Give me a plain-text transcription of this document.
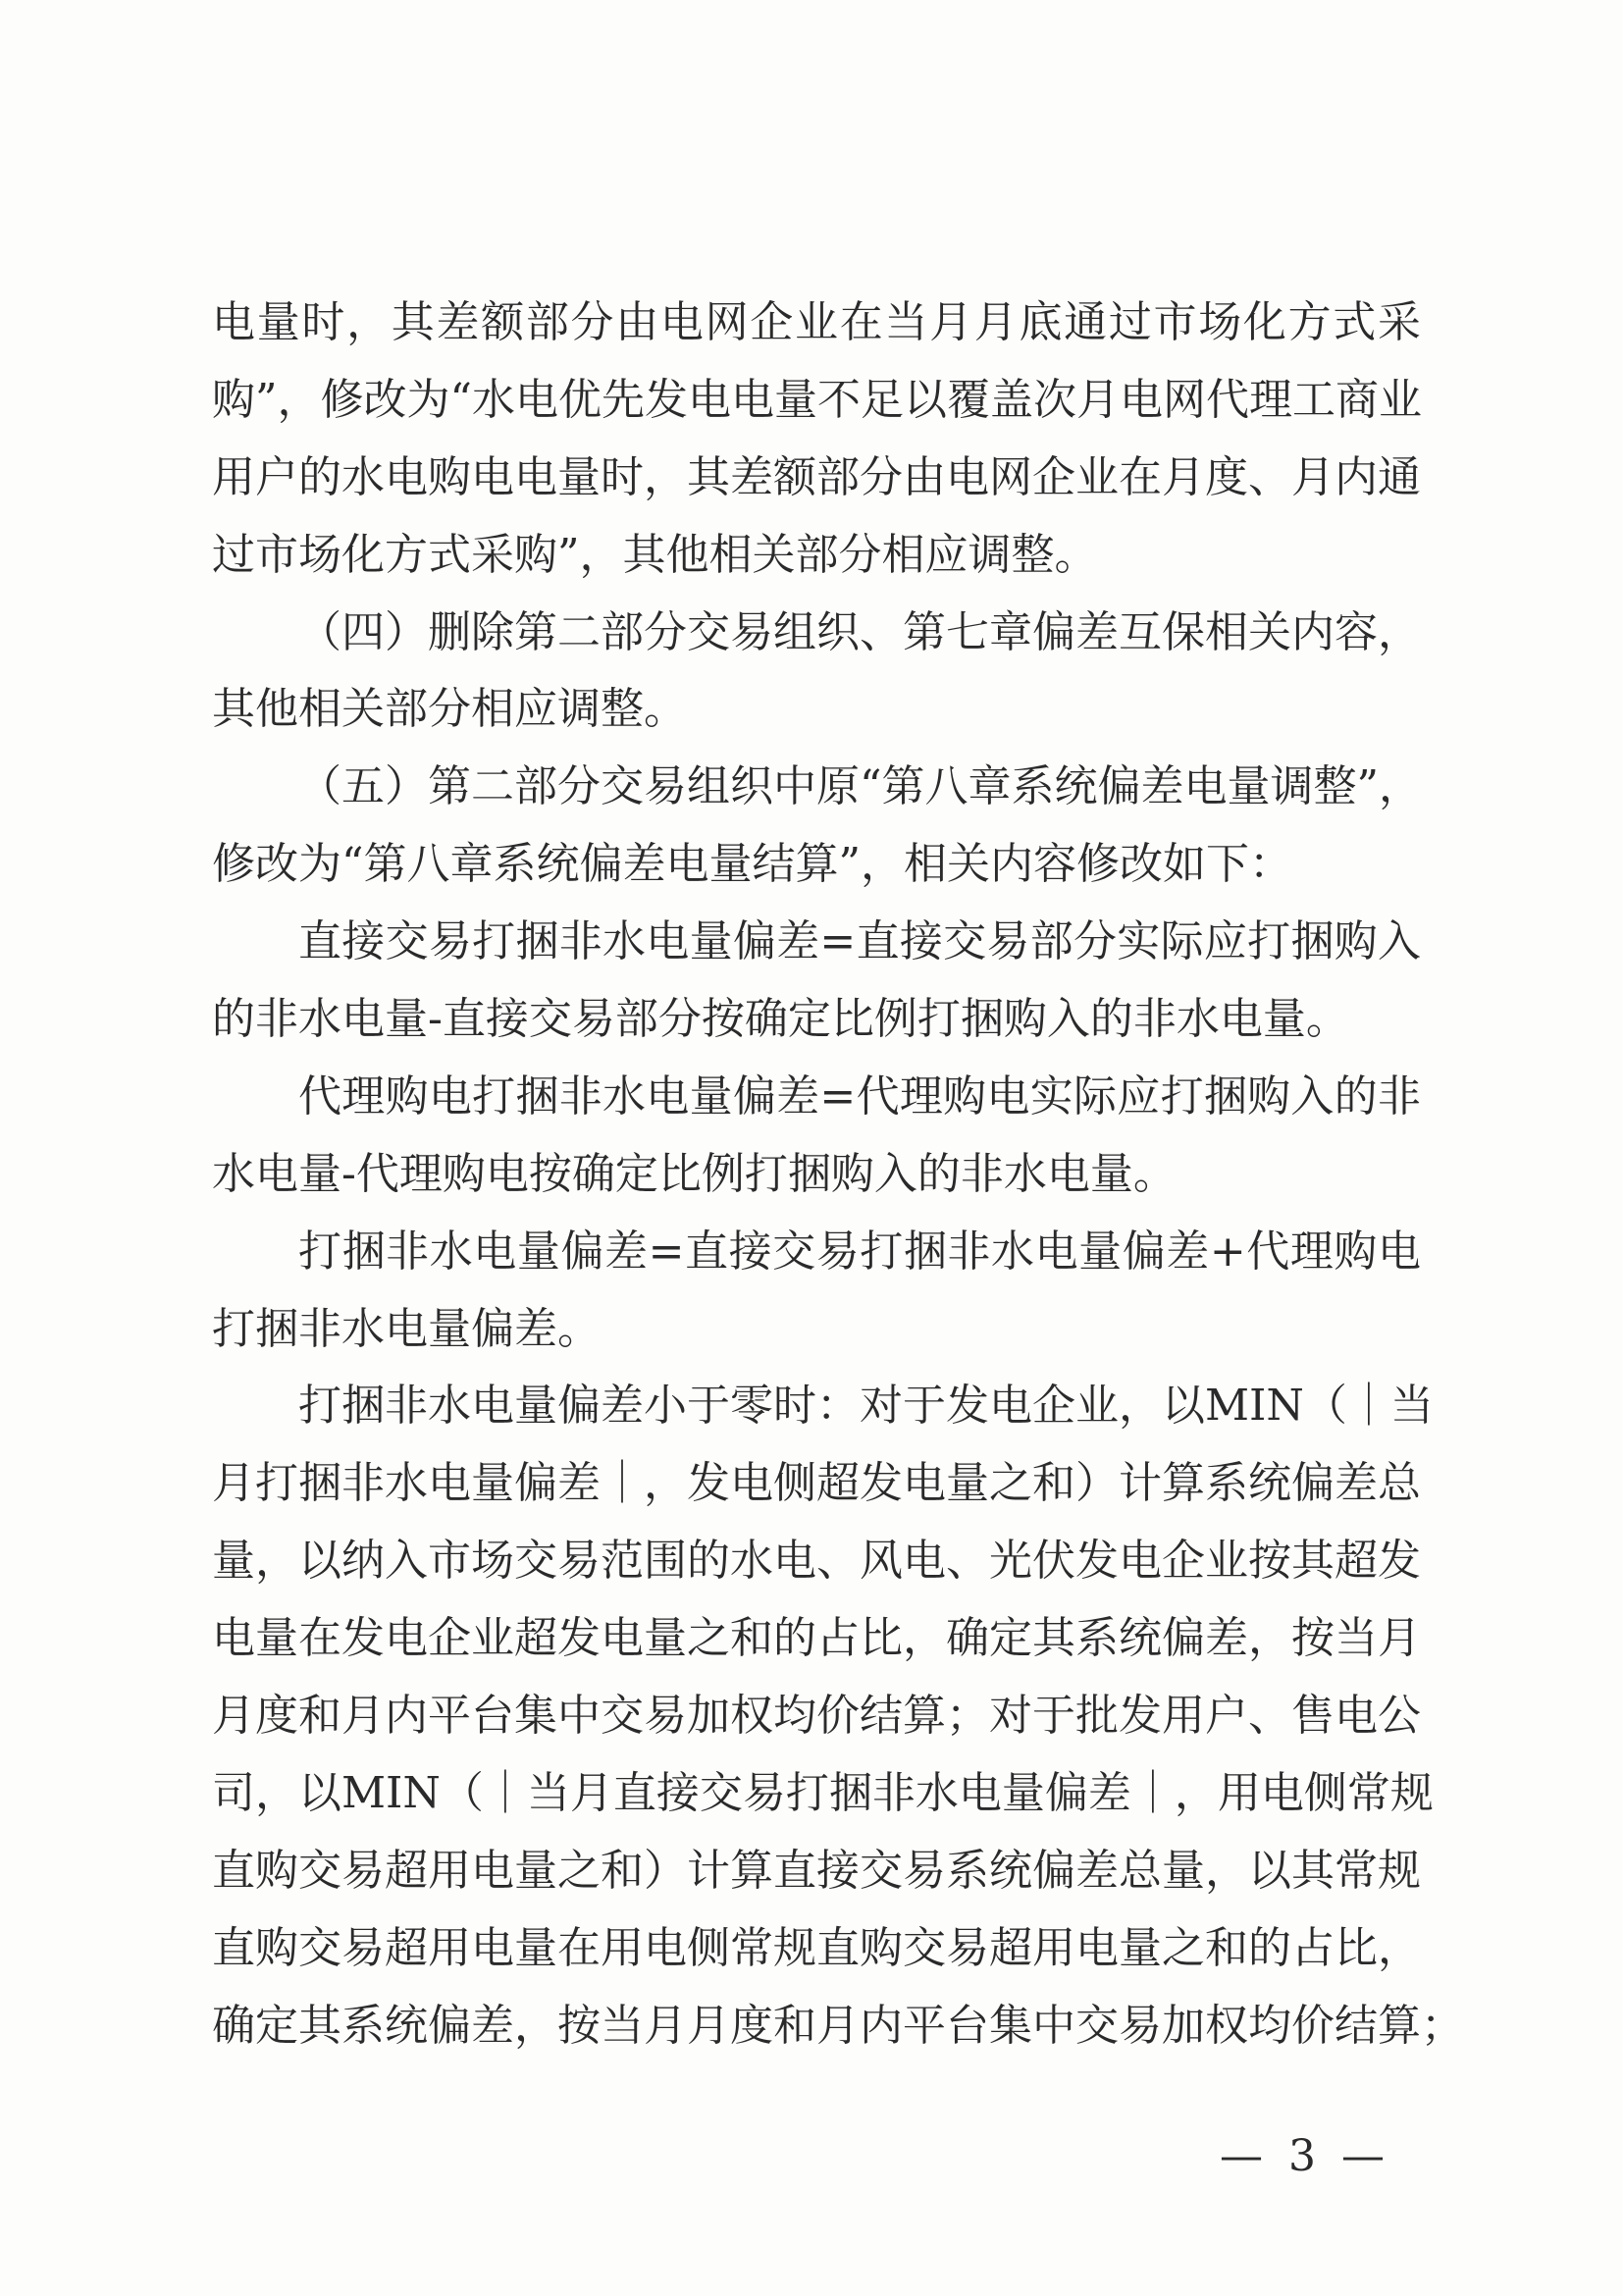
电量时，其差额部分由电网企业在当月月底通过市场化方式采
购”，修改为“水电优先发电电量不足以覆盖次月电网代理工商业
用户的水电购电电量时，其差额部分由电网企业在月度、月内通
过市场化方式采购”，其他相关部分相应调整。
（四）删除第二部分交易组织、第七章偏差互保相关内容，
其他相关部分相应调整。
（五）第二部分交易组织中原“第八章系统偏差电量调整”，
修改为“第八章系统偏差电量结算”，相关内容修改如下：
直接交易打捆非水电量偏差=直接交易部分实际应打捆购入
的非水电量-直接交易部分按确定比例打捆购入的非水电量。
代理购电打捆非水电量偏差=代理购电实际应打捆购入的非
水电量-代理购电按确定比例打捆购入的非水电量。
打捆非水电量偏差=直接交易打捆非水电量偏差+代理购电
打捆非水电量偏差。
打捆非水电量偏差小于零时：对于发电企业，以MIN（｜当
月打捆非水电量偏差｜，发电侧超发电量之和）计算系统偏差总
量，以纳入市场交易范围的水电、风电、光伏发电企业按其超发
电量在发电企业超发电量之和的占比，确定其系统偏差，按当月
月度和月内平台集中交易加权均价结算；对于批发用户、售电公
司，以MIN（｜当月直接交易打捆非水电量偏差｜，用电侧常规
直购交易超用电量之和）计算直接交易系统偏差总量，以其常规
直购交易超用电量在用电侧常规直购交易超用电量之和的占比，
确定其系统偏差，按当月月度和月内平台集中交易加权均价结算；
— 3 —
